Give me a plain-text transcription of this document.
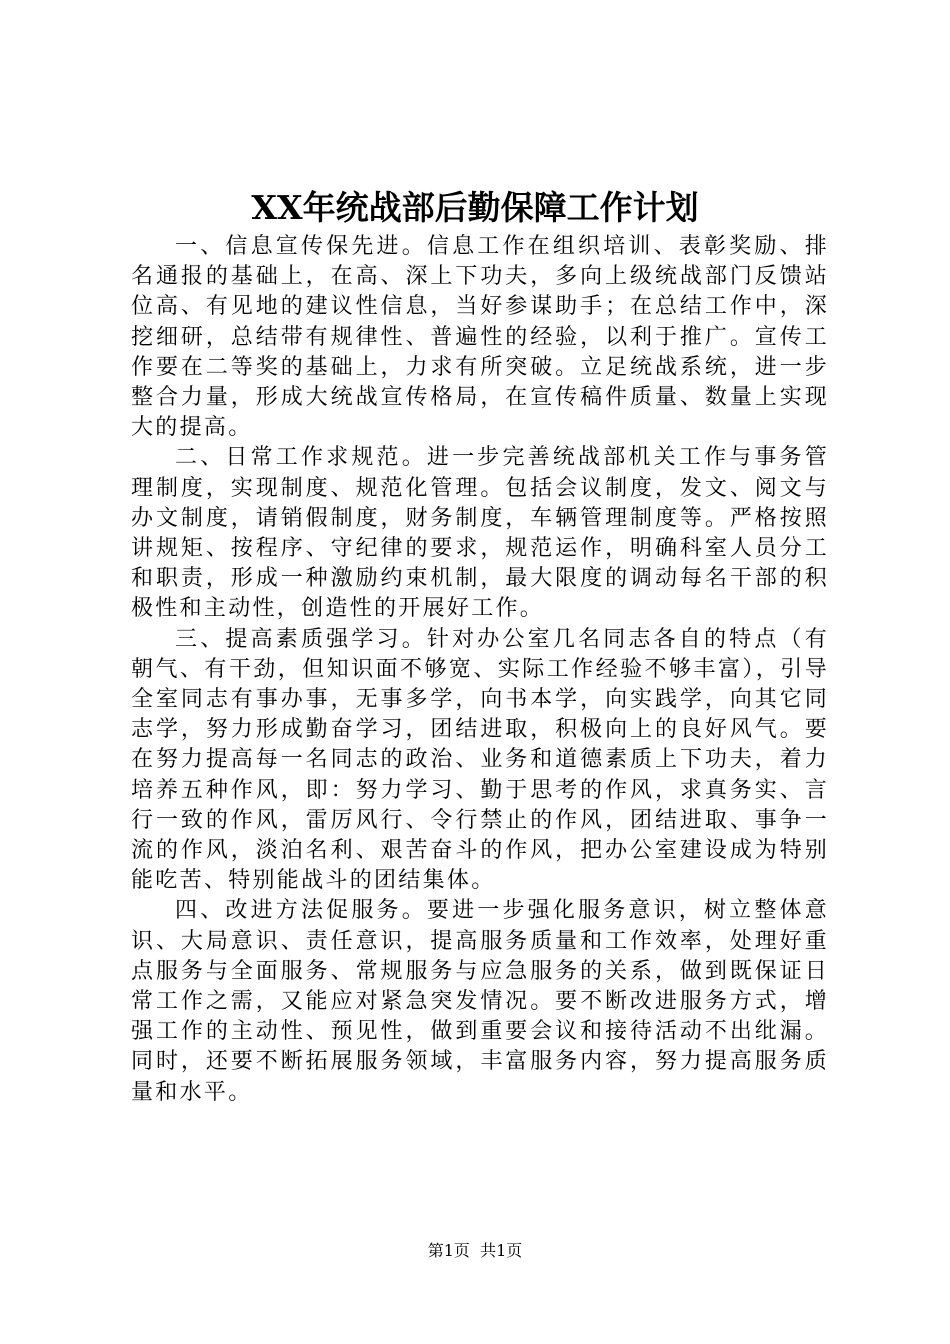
XX年统战部后勤保障工作计划

一、信息宣传保先进。信息工作在组织培训、表彰奖励、排名通报的基础上，在高、深上下功夫，多向上级统战部门反馈站位高、有见地的建议性信息，当好参谋助手；在总结工作中，深挖细研，总结带有规律性、普遍性的经验，以利于推广。宣传工作要在二等奖的基础上，力求有所突破。立足统战系统，进一步整合力量，形成大统战宣传格局，在宣传稿件质量、数量上实现大的提高。

二、日常工作求规范。进一步完善统战部机关工作与事务管理制度，实现制度、规范化管理。包括会议制度，发文、阅文与办文制度，请销假制度，财务制度，车辆管理制度等。严格按照讲规矩、按程序、守纪律的要求，规范运作，明确科室人员分工和职责，形成一种激励约束机制，最大限度的调动每名干部的积极性和主动性，创造性的开展好工作。

三、提高素质强学习。针对办公室几名同志各自的特点（有朝气、有干劲，但知识面不够宽、实际工作经验不够丰富），引导全室同志有事办事，无事多学，向书本学，向实践学，向其它同志学，努力形成勤奋学习，团结进取，积极向上的良好风气。要在努力提高每一名同志的政治、业务和道德素质上下功夫，着力培养五种作风，即：努力学习、勤于思考的作风，求真务实、言行一致的作风，雷厉风行、令行禁止的作风，团结进取、事争一流的作风，淡泊名利、艰苦奋斗的作风，把办公室建设成为特别能吃苦、特别能战斗的团结集体。

四、改进方法促服务。要进一步强化服务意识，树立整体意识、大局意识、责任意识，提高服务质量和工作效率，处理好重点服务与全面服务、常规服务与应急服务的关系，做到既保证日常工作之需，又能应对紧急突发情况。要不断改进服务方式，增强工作的主动性、预见性，做到重要会议和接待活动不出纰漏。同时，还要不断拓展服务领域，丰富服务内容，努力提高服务质量和水平。

第1页  共1页
